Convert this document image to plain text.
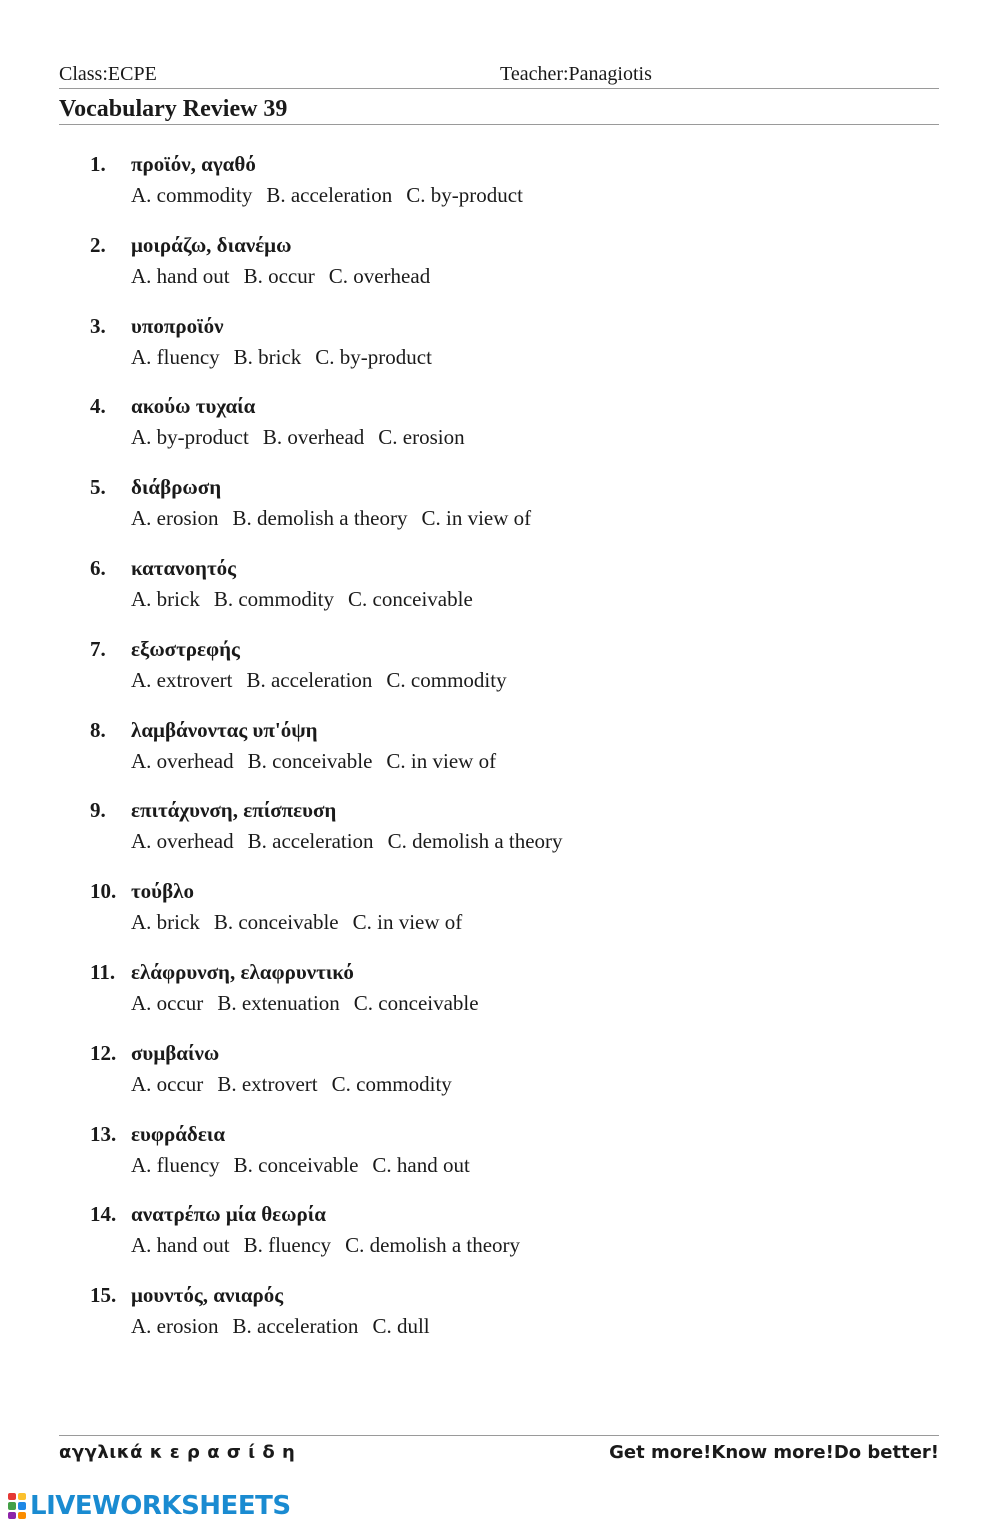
Class:ECPE	Teacher:Panagiotis
Vocabulary Review 39
1.	προϊόν, αγαθό
A. commodity B. acceleration C. by-product
2.	μοιράζω, διανέμω
A. hand out B. occur C. overhead
3.	υποπροϊόν
A. fluency B. brick C. by-product
4.	ακούω τυχαία
A. by-product B. overhead C. erosion
5.	διάβρωση
A. erosion B. demolish a theory C. in view of
6.	κατανοητός
A. brick B. commodity C. conceivable
7.	εξωστρεφής
A. extrovert B. acceleration C. commodity
8.	λαμβάνοντας υπ'όψη
A. overhead B. conceivable C. in view of
9.	επιτάχυνση, επίσπευση
A. overhead B. acceleration C. demolish a theory
10. τούβλο
A. brick B. conceivable C. in view of
11. ελάφρυνση, ελαφρυντικό
A. occur B. extenuation C. conceivable
12. συμβαίνω
A. occur B. extrovert C. commodity
13. ευφράδεια
A. fluency B. conceivable C. hand out
14. ανατρέπω μία θεωρία
A. hand out B. fluency C. demolish a theory
15. μουντός, ανιαρός
A. erosion B. acceleration C. dull
αγγλικά κ ε ρ α σ ί δ η	Get more!Know more!Do better!
LIVEWORKSHEETS
